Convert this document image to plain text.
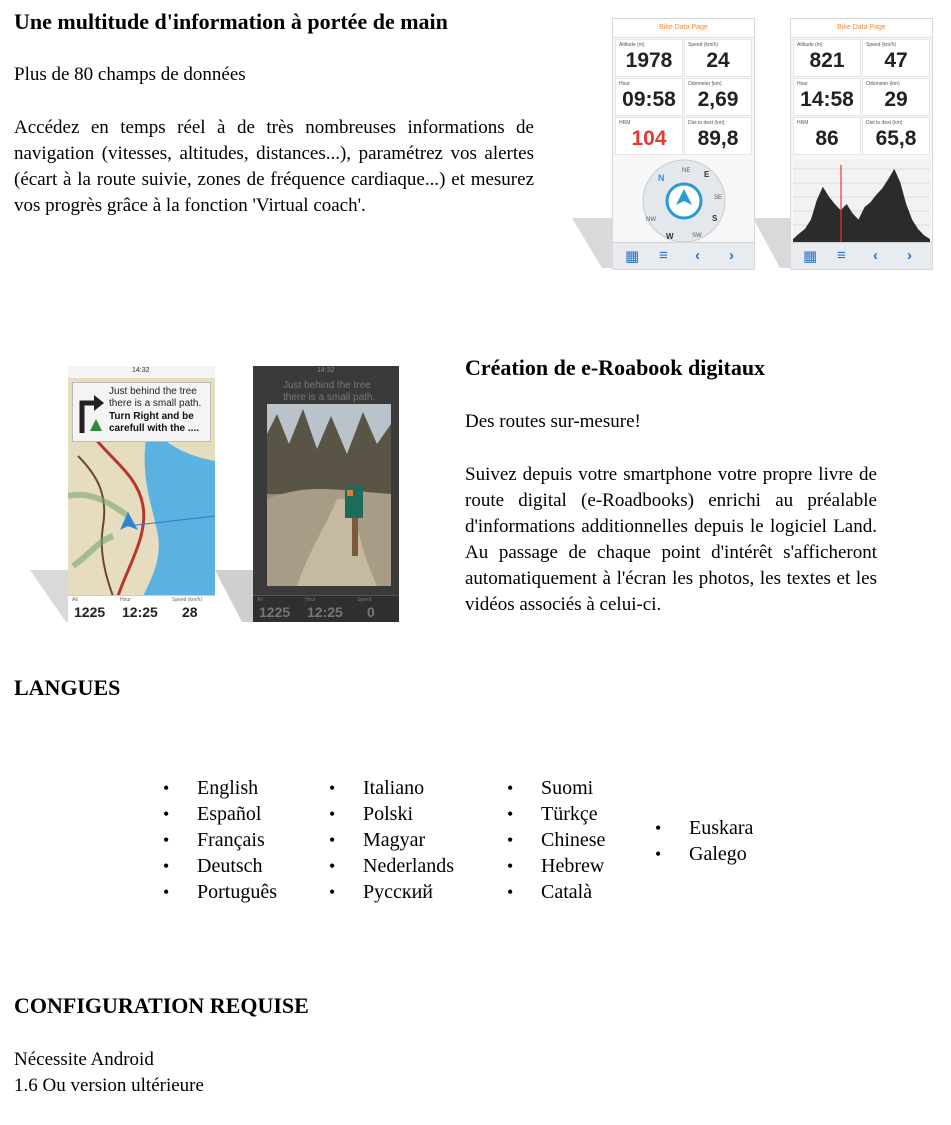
Une multitude d'information à portée de main

Plus de 80 champs de données

Accédez en temps réel à de très nombreuses informations de navigation (vitesses, altitudes, distances...), paramétrez vos alertes (écart à la route suivie, zones de fréquence cardiaque...) et mesurez vos progrès grâce à la fonction 'Virtual coach'.

Bike Data Page
Altitude (m)
1978
Speed (km/h)
24
Hour
09:58
Odometer (km)
2,69
HRM
104
Dist to dest (km)
89,8
N
NE E
SE
S
SW
W
NW
▦ ≡ ‹ ›
Bike Data Page
Altitude (m)
821
Speed (km/h)
47
Hour
14:58
Odometer (km)
29
HRM
86
Dist to dest (km)
65,8
▦ ≡ ‹ ›
14:32
Just behind the tree
there is a small path.
Turn Right and be
carefull with the ....
Alt
1225
Hour
12:25
Speed (km/h)
28
14:32
Just behind the tree
there is a small path.
Alt
1225
Hour
12:25
Speed
0
Création de e-Roabook digitaux

Des routes sur-mesure!

Suivez depuis votre smartphone votre propre livre de route digital (e-Roadbooks) enrichi au préalable d'informations additionnelles depuis le logiciel Land. Au passage de chaque point d'intérêt s'afficheront automatiquement à l'écran les photos, les textes et les vidéos associés à celui-ci.

LANGUES
• English
• Español
• Français
• Deutsch
• Português
• Italiano
• Polski
• Magyar
• Nederlands
• Русский
• Suomi
• Türkçe
• Chinese
• Hebrew
• Català
• Euskara
• Galego
CONFIGURATION REQUISE

Nécessite Android

1.6 Ou version ultérieure
